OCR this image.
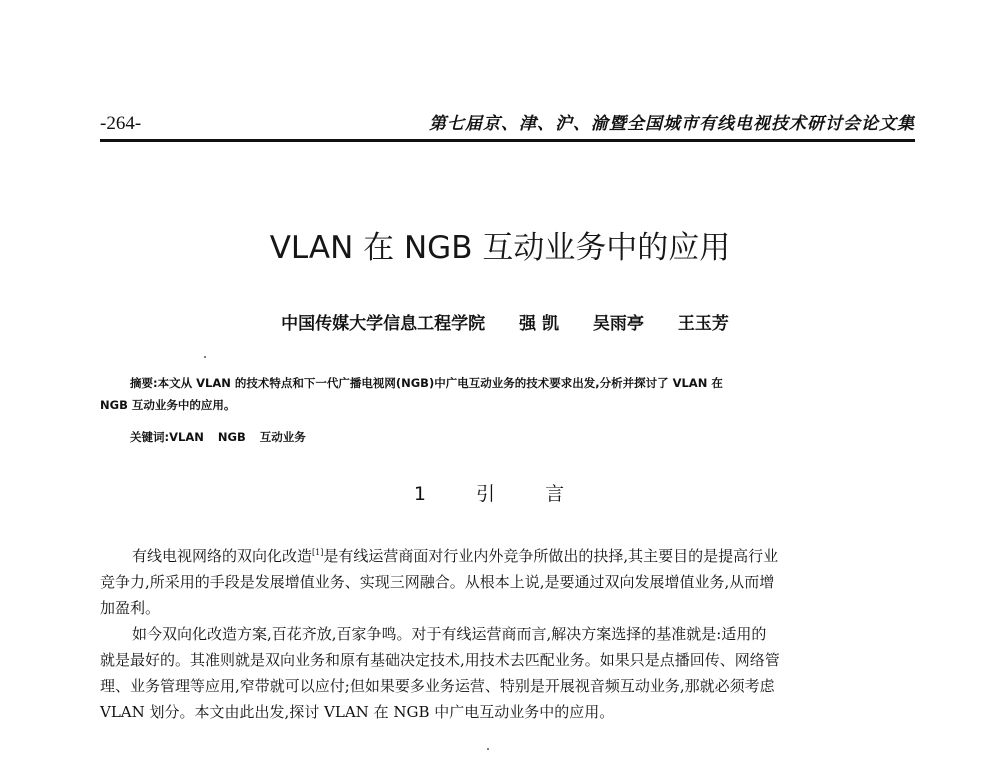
-264-	第七届京、津、沪、渝暨全国城市有线电视技术研讨会论文集
VLAN 在 NGB 互动业务中的应用
中国传媒大学信息工程学院 强 凯 吴雨亭 王玉芳
摘要:本文从 VLAN 的技术特点和下一代广播电视网(NGB)中广电互动业务的技术要求出发,分析并探讨了 VLAN 在
NGB 互动业务中的应用。
关键词:VLAN NGB 互动业务
1 引 言
有线电视网络的双向化改造[1]是有线运营商面对行业内外竞争所做出的抉择,其主要目的是提高行业
竞争力,所采用的手段是发展增值业务、实现三网融合。从根本上说,是要通过双向发展增值业务,从而增
加盈利。
如今双向化改造方案,百花齐放,百家争鸣。对于有线运营商而言,解决方案选择的基准就是:适用的
就是最好的。其准则就是双向业务和原有基础决定技术,用技术去匹配业务。如果只是点播回传、网络管
理、业务管理等应用,窄带就可以应付;但如果要多业务运营、特别是开展视音频互动业务,那就必须考虑
VLAN 划分。本文由此出发,探讨 VLAN 在 NGB 中广电互动业务中的应用。
